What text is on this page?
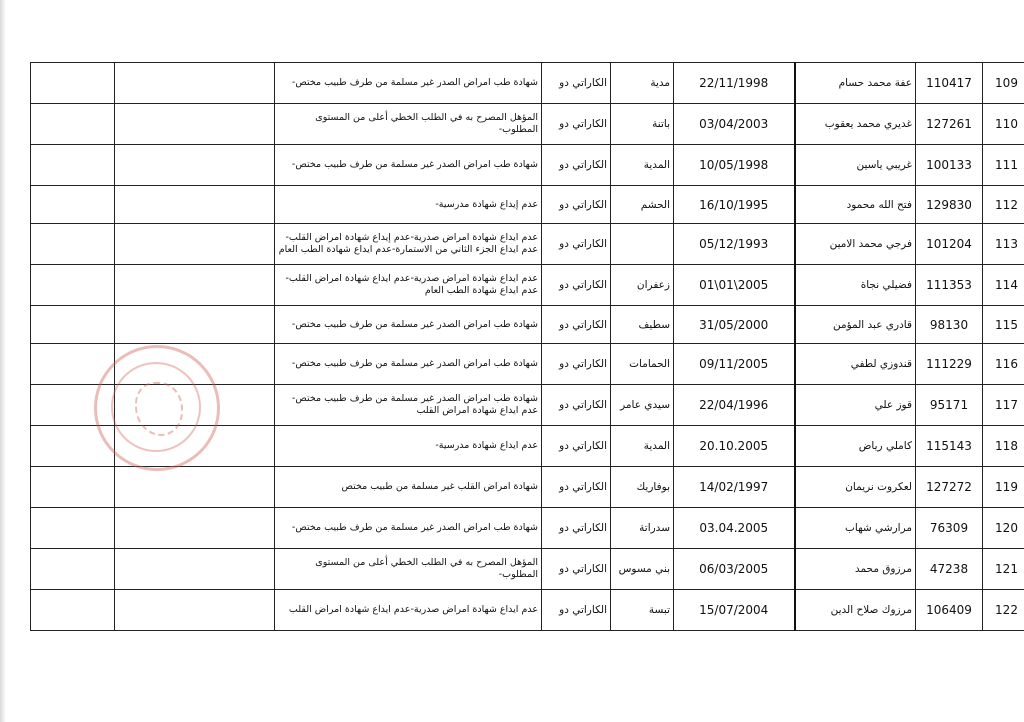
		شهادة طب امراض الصدر غير مسلمة من طرف طبيب مختص-	الكاراتي دو	مدية	22/11/1998	عفة محمد حسام	110417	109
		المؤهل المصرح به في الطلب الخطي أعلى من المستوى المطلوب-	الكاراتي دو	باتنة	03/04/2003	غديري محمد يعقوب	127261	110
		شهادة طب امراض الصدر غير مسلمة من طرف طبيب مختص-	الكاراتي دو	المدية	10/05/1998	غريبي ياسين	100133	111
		عدم إيداع شهادة مدرسية-	الكاراتي دو	الحشم	16/10/1995	فتح الله محمود	129830	112
		عدم ايداع شهادة امراض صدرية-عدم إيداع شهادة امراض القلب-عدم ايداع الجزء الثاني من الاستمارة-عدم ايداع شهادة الطب العام	الكاراتي دو		05/12/1993	فرجي محمد الامين	101204	113
		عدم ايداع شهادة امراض صدرية-عدم ايداع شهادة امراض القلب-عدم ايداع شهادة الطب العام	الكاراتي دو	زعفران	01\01\2005	فضيلي نجاة	111353	114
		شهادة طب امراض الصدر غير مسلمة من طرف طبيب مختص-	الكاراتي دو	سطيف	31/05/2000	قادري عبد المؤمن	98130	115
		شهادة طب امراض الصدر غير مسلمة من طرف طبيب مختص-	الكاراتي دو	الحمامات	09/11/2005	قندوزي لطفي	111229	116
		شهادة طب امراض الصدر غير مسلمة من طرف طبيب مختص-عدم ايداع شهادة امراض القلب	الكاراتي دو	سيدي عامر	22/04/1996	قوز علي	95171	117
		عدم ايداع شهادة مدرسية-	الكاراتي دو	المدية	20.10.2005	كاملي رياض	115143	118
		شهادة امراض القلب غير مسلمة من طبيب مختص	الكاراتي دو	بوفاريك	14/02/1997	لعكروت نريمان	127272	119
		شهادة طب امراض الصدر غير مسلمة من طرف طبيب مختص-	الكاراتي دو	سدراتة	03.04.2005	مرارشي شهاب	76309	120
		المؤهل المصرح به في الطلب الخطي أعلى من المستوى المطلوب-	الكاراتي دو	بني مسوس	06/03/2005	مرزوق محمد	47238	121
		عدم ايداع شهادة امراض صدرية-عدم ايداع شهادة امراض القلب	الكاراتي دو	تبسة	15/07/2004	مرزوك صلاح الدين	106409	122
